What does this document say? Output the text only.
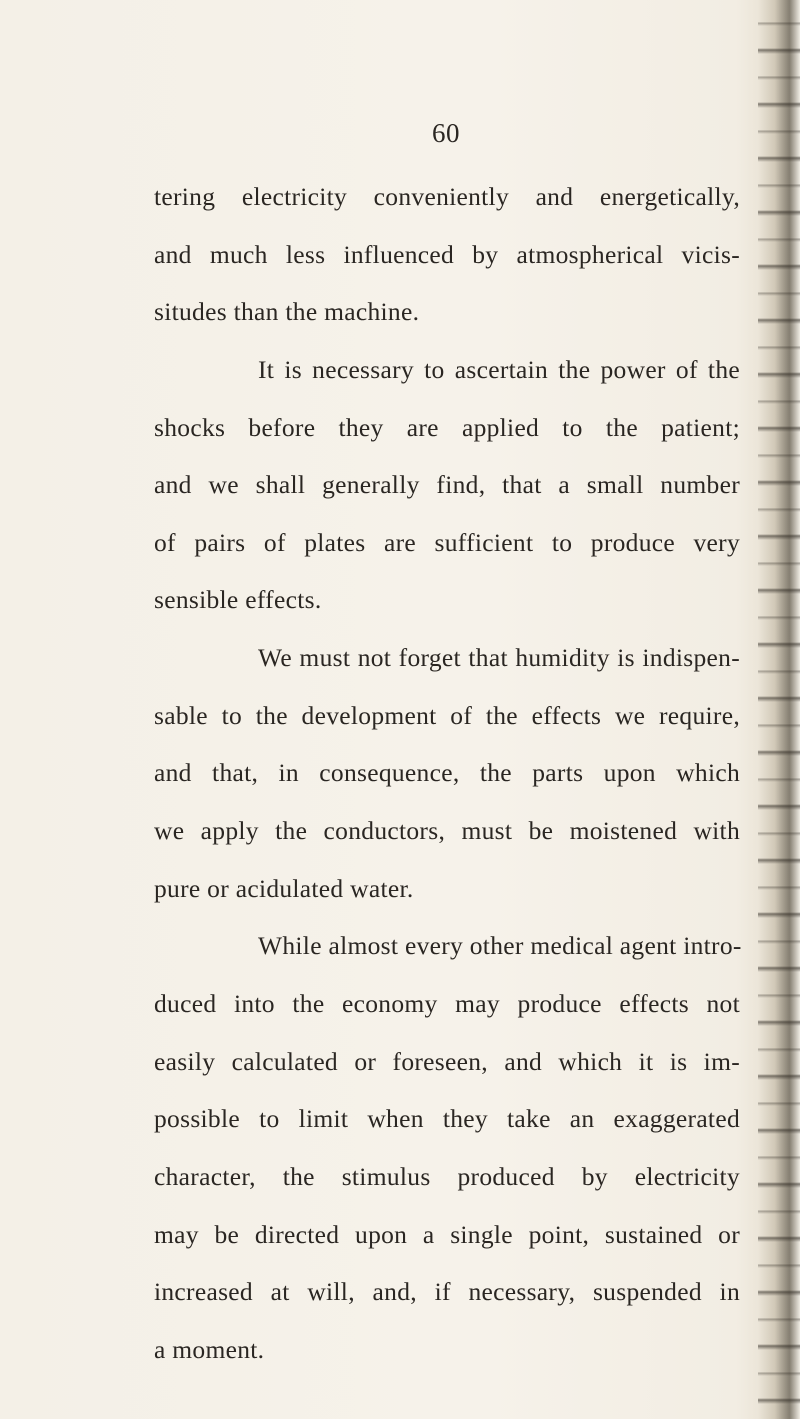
60
tering electricity conveniently and energetically,
and much less influenced by atmospherical vicis-
situdes than the machine.
It is necessary to ascertain the power of the
shocks before they are applied to the patient;
and we shall generally find, that a small number
of pairs of plates are sufficient to produce very
sensible effects.
We must not forget that humidity is indispen-
sable to the development of the effects we require,
and that, in consequence, the parts upon which
we apply the conductors, must be moistened with
pure or acidulated water.
While almost every other medical agent intro-
duced into the economy may produce effects not
easily calculated or foreseen, and which it is im-
possible to limit when they take an exaggerated
character, the stimulus produced by electricity
may be directed upon a single point, sustained or
increased at will, and, if necessary, suspended in
a moment.
